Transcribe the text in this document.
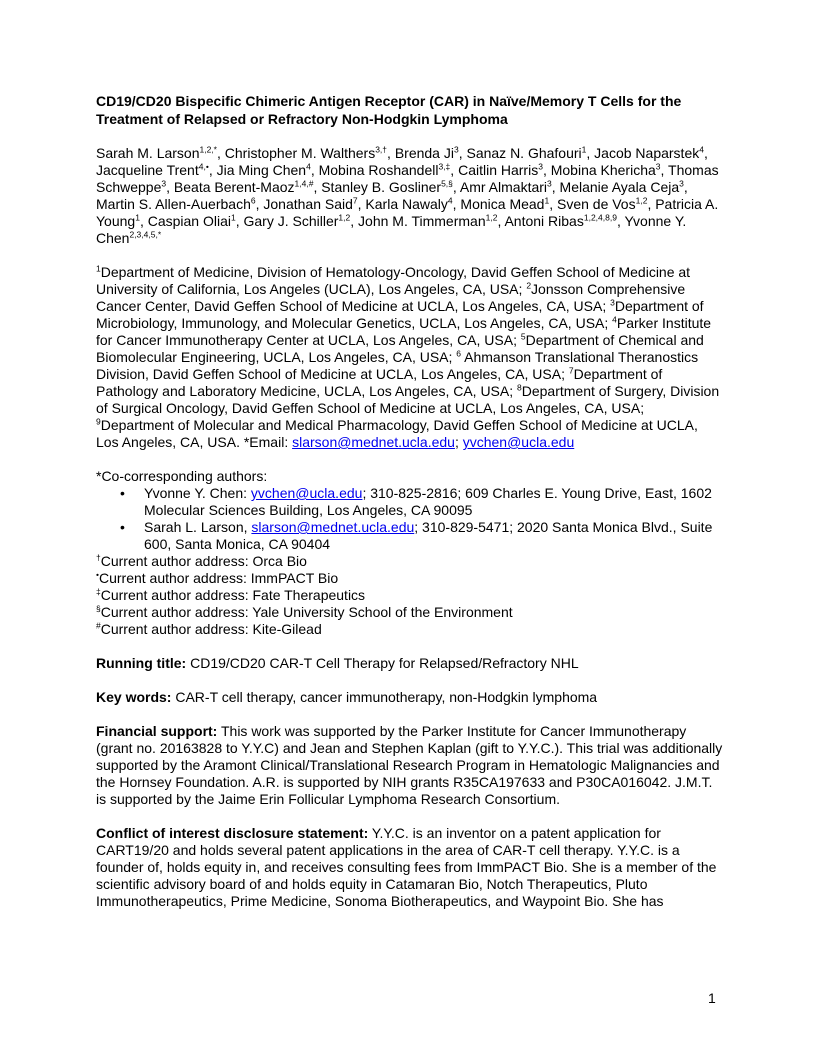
CD19/CD20 Bispecific Chimeric Antigen Receptor (CAR) in Naïve/Memory T Cells for the Treatment of Relapsed or Refractory Non-Hodgkin Lymphoma
Sarah M. Larson$^{1,2,*}$, Christopher M. Walthers$^{3,\dagger}$, Brenda Ji$^3$, Sanaz N. Ghafouri$^1$, Jacob Naparstek$^4$, Jacqueline Trent$^{4,•}$, Jia Ming Chen$^4$, Mobina Roshandell$^{3,\ddagger}$, Caitlin Harris$^3$, Mobina Khericha$^3$, Thomas Schweppe$^3$, Beata Berent-Maoz$^{1,4,\#}$, Stanley B. Gosliner$^{5,\S}$, Amr Almaktari$^3$, Melanie Ayala Ceja$^3$, Martin S. Allen-Auerbach$^6$, Jonathan Said$^7$, Karla Nawaly$^4$, Monica Mead$^1$, Sven de Vos$^{1,2}$, Patricia A. Young$^1$, Caspian Oliai$^1$, Gary J. Schiller$^{1,2}$, John M. Timmerman$^{1,2}$, Antoni Ribas$^{1,2,4,8,9}$, Yvonne Y. Chen$^{2,3,4,5,*}$
$^1$Department of Medicine, Division of Hematology-Oncology, David Geffen School of Medicine at University of California, Los Angeles (UCLA), Los Angeles, CA, USA; $^2$Jonsson Comprehensive Cancer Center, David Geffen School of Medicine at UCLA, Los Angeles, CA, USA; $^3$Department of Microbiology, Immunology, and Molecular Genetics, UCLA, Los Angeles, CA, USA; $^4$Parker Institute for Cancer Immunotherapy Center at UCLA, Los Angeles, CA, USA; $^5$Department of Chemical and Biomolecular Engineering, UCLA, Los Angeles, CA, USA; $^6$ Ahmanson Translational Theranostics Division, David Geffen School of Medicine at UCLA, Los Angeles, CA, USA; $^7$Department of Pathology and Laboratory Medicine, UCLA, Los Angeles, CA, USA; $^8$Department of Surgery, Division of Surgical Oncology, David Geffen School of Medicine at UCLA, Los Angeles, CA, USA; $^9$Department of Molecular and Medical Pharmacology, David Geffen School of Medicine at UCLA, Los Angeles, CA, USA. *Email: slarson@mednet.ucla.edu; yvchen@ucla.edu
*Co-corresponding authors:
• Yvonne Y. Chen: yvchen@ucla.edu; 310-825-2816; 609 Charles E. Young Drive, East, 1602 Molecular Sciences Building, Los Angeles, CA 90095
• Sarah L. Larson, slarson@mednet.ucla.edu; 310-829-5471; 2020 Santa Monica Blvd., Suite 600, Santa Monica, CA 90404
†Current author address: Orca Bio
•Current author address: ImmPACT Bio
‡Current author address: Fate Therapeutics
§Current author address: Yale University School of the Environment
#Current author address: Kite-Gilead
Running title: CD19/CD20 CAR-T Cell Therapy for Relapsed/Refractory NHL
Key words: CAR-T cell therapy, cancer immunotherapy, non-Hodgkin lymphoma
Financial support: This work was supported by the Parker Institute for Cancer Immunotherapy (grant no. 20163828 to Y.Y.C) and Jean and Stephen Kaplan (gift to Y.Y.C.). This trial was additionally supported by the Aramont Clinical/Translational Research Program in Hematologic Malignancies and the Hornsey Foundation. A.R. is supported by NIH grants R35CA197633 and P30CA016042. J.M.T. is supported by the Jaime Erin Follicular Lymphoma Research Consortium.
Conflict of interest disclosure statement: Y.Y.C. is an inventor on a patent application for CART19/20 and holds several patent applications in the area of CAR-T cell therapy. Y.Y.C. is a founder of, holds equity in, and receives consulting fees from ImmPACT Bio. She is a member of the scientific advisory board of and holds equity in Catamaran Bio, Notch Therapeutics, Pluto Immunotherapeutics, Prime Medicine, Sonoma Biotherapeutics, and Waypoint Bio. She has
1
